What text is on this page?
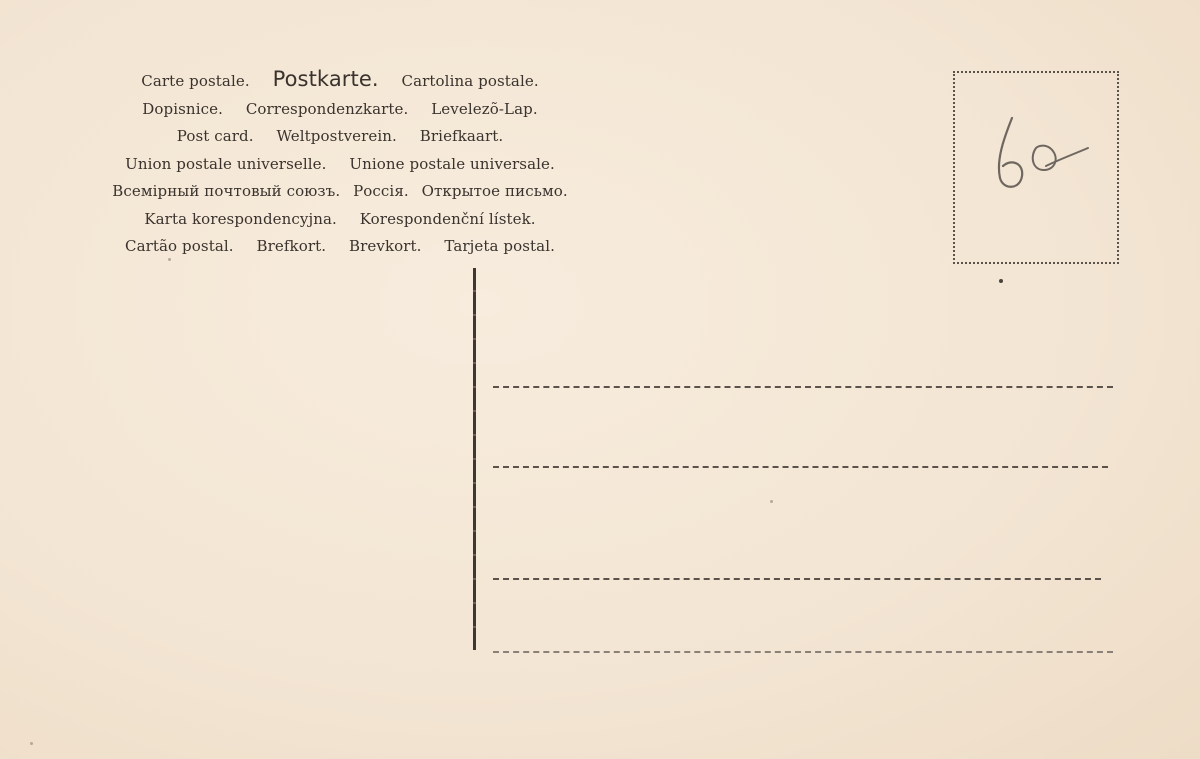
Carte postale. Postkarte. Cartolina postale.
Dopisnice. Correspondenzkarte. Levelezõ-Lap.
Post card. Weltpostverein. Briefkaart.
Union postale universelle. Unione postale universale.
Всемірный почтовый союзъ. Россія. Открытое письмо.
Karta korespondencyjna. Korespondenční lístek.
Cartão postal. Brefkort. Brevkort. Tarjeta postal.
